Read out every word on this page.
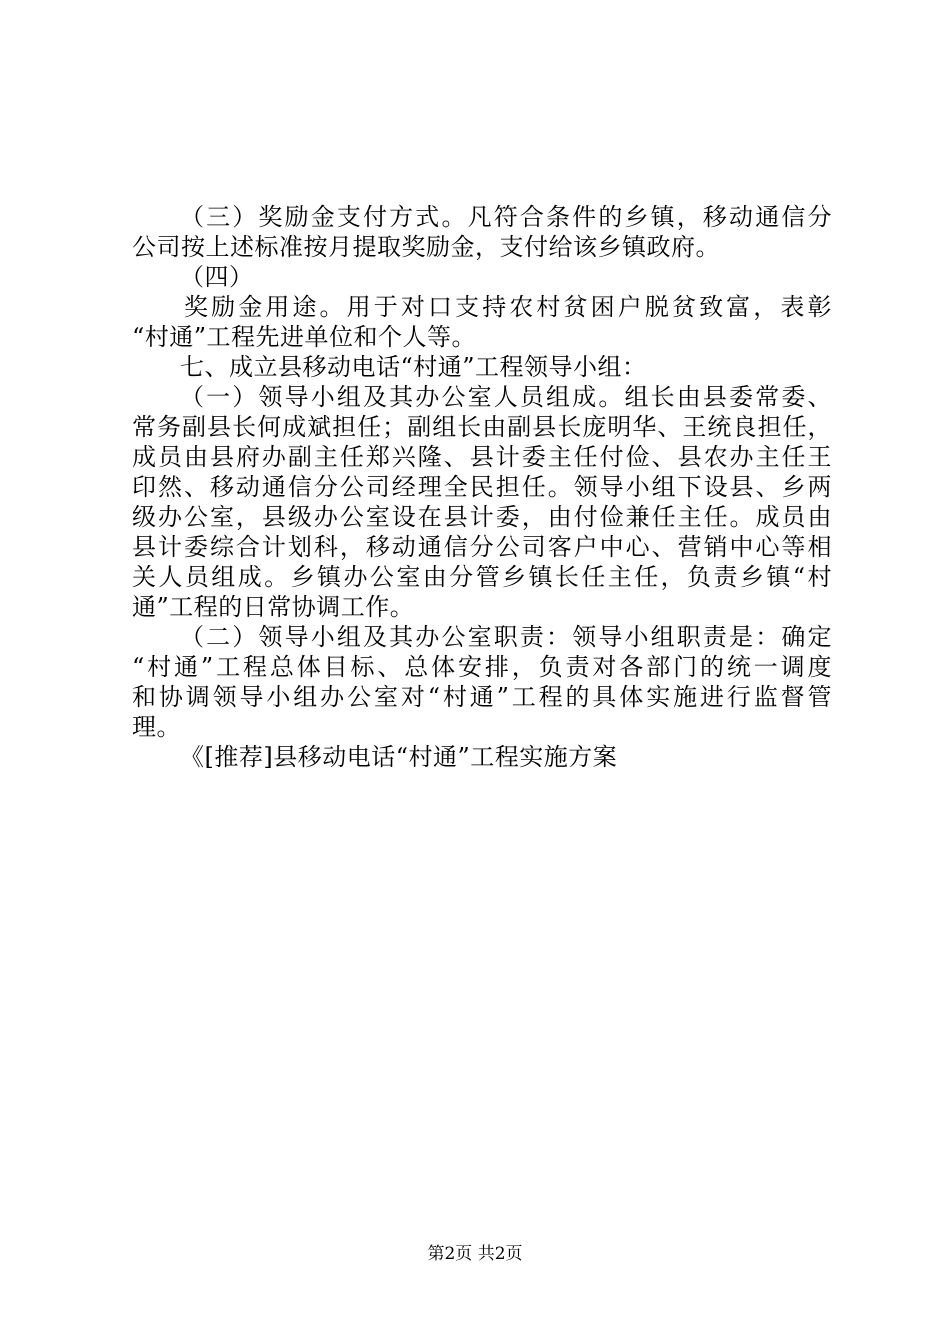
（三）奖励金支付方式。凡符合条件的乡镇，移动通信分
公司按上述标准按月提取奖励金，支付给该乡镇政府。
（四）
奖励金用途。用于对口支持农村贫困户脱贫致富，表彰
“村通”工程先进单位和个人等。
七、成立县移动电话“村通”工程领导小组：
（一）领导小组及其办公室人员组成。组长由县委常委、
常务副县长何成斌担任；副组长由副县长庞明华、王统良担任，
成员由县府办副主任郑兴隆、县计委主任付俭、县农办主任王
印然、移动通信分公司经理全民担任。领导小组下设县、乡两
级办公室，县级办公室设在县计委，由付俭兼任主任。成员由
县计委综合计划科，移动通信分公司客户中心、营销中心等相
关人员组成。乡镇办公室由分管乡镇长任主任，负责乡镇“村
通”工程的日常协调工作。
（二）领导小组及其办公室职责：领导小组职责是：确定
“村通”工程总体目标、总体安排，负责对各部门的统一调度
和协调领导小组办公室对“村通”工程的具体实施进行监督管
理。
《[推荐]县移动电话“村通”工程实施方案
第2页 共2页
